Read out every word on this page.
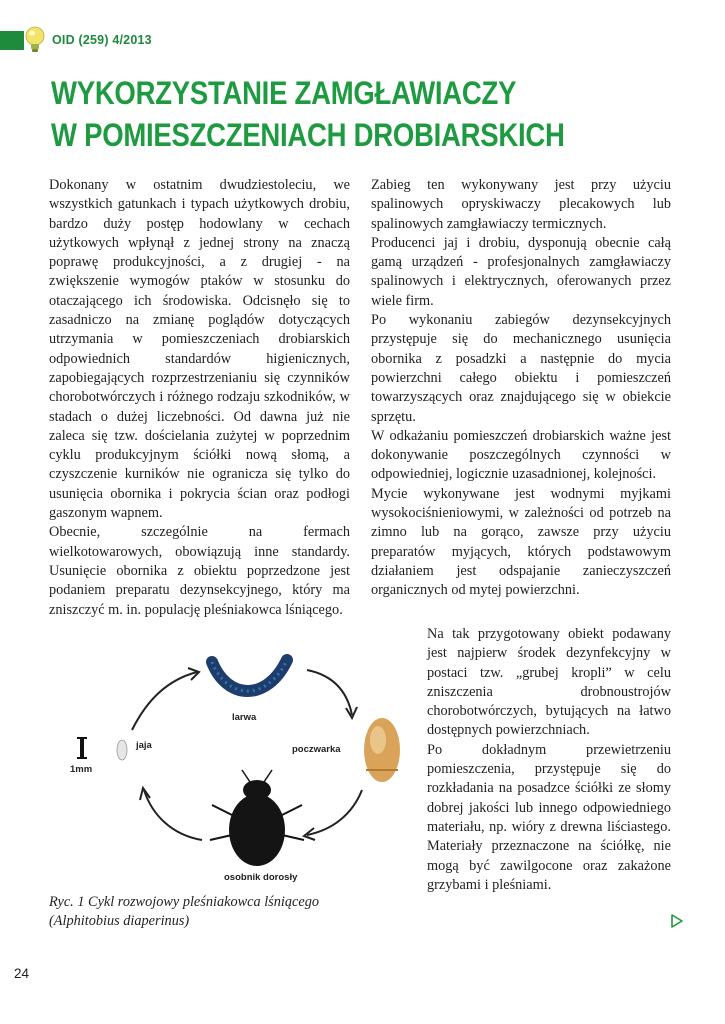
OID (259) 4/2013
WYKORZYSTANIE ZAMGŁAWIACZY
W POMIESZCZENIACH DROBIARSKICH

Dokonany w ostatnim dwudziestoleciu, we wszystkich gatunkach i typach użytkowych drobiu, bardzo duży postęp hodowlany w cechach użytkowych wpłynął z jednej strony na znaczą poprawę produkcyjności, a z drugiej - na zwiększenie wymogów ptaków w stosunku do otaczającego ich środowiska. Odcisnęło się to zasadniczo na zmianę poglądów dotyczących utrzymania w pomieszczeniach drobiarskich odpowiednich standardów higienicznych, zapobiegających rozprzestrzenianiu się czynników chorobotwórczych i różnego rodzaju szkodników, w stadach o dużej liczebności. Od dawna już nie zaleca się tzw. dościelania zużytej w poprzednim cyklu produkcyjnym ściółki nową słomą, a czyszczenie kurników nie ogranicza się tylko do usunięcia obornika i pokrycia ścian oraz podłogi gaszonym wapnem.

Obecnie, szczególnie na fermach wielkotowarowych, obowiązują inne standardy. Usunięcie obornika z obiektu poprzedzone jest podaniem preparatu dezynsekcyjnego, który ma zniszczyć m. in. populację pleśniakowca lśniącego.

Zabieg ten wykonywany jest przy użyciu spalinowych opryskiwaczy plecakowych lub spalinowych zamgławiaczy termicznych.

Producenci jaj i drobiu, dysponują obecnie całą gamą urządzeń - profesjonalnych zamgławiaczy spalinowych i elektrycznych, oferowanych przez wiele firm.

Po wykonaniu zabiegów dezynsekcyjnych przystępuje się do mechanicznego usunięcia obornika z posadzki a następnie do mycia powierzchni całego obiektu i pomieszczeń towarzyszących oraz znajdującego się w obiekcie sprzętu.

W odkażaniu pomieszczeń drobiarskich ważne jest dokonywanie poszczególnych czynności w odpowiedniej, logicznie uzasadnionej, kolejności.

Mycie wykonywane jest wodnymi myjkami wysokociśnieniowymi, w zależności od potrzeb na zimno lub na gorąco, zawsze przy użyciu preparatów myjących, których podstawowym działaniem jest odspajanie zanieczyszczeń organicznych od mytej powierzchni.

Na tak przygotowany obiekt podawany jest najpierw środek dezynfekcyjny w postaci tzw. „grubej kropli” w celu zniszczenia drobnoustrojów chorobotwórczych, bytujących na łatwo dostępnych powierzchniach.

Po dokładnym przewietrzeniu pomieszczenia, przystępuje się do rozkładania na posadzce ściółki ze słomy dobrej jakości lub innego odpowiedniego materiału, np. wióry z drewna liściastego. Materiały przeznaczone na ściółkę, nie mogą być zawilgocone oraz zakażone grzybami i pleśniami.

larwa
poczwarka
osobnik dorosły
jaja
1mm

Ryc. 1 Cykl rozwojowy pleśniakowca lśniącego

(Alphitobius diaperinus)

24
